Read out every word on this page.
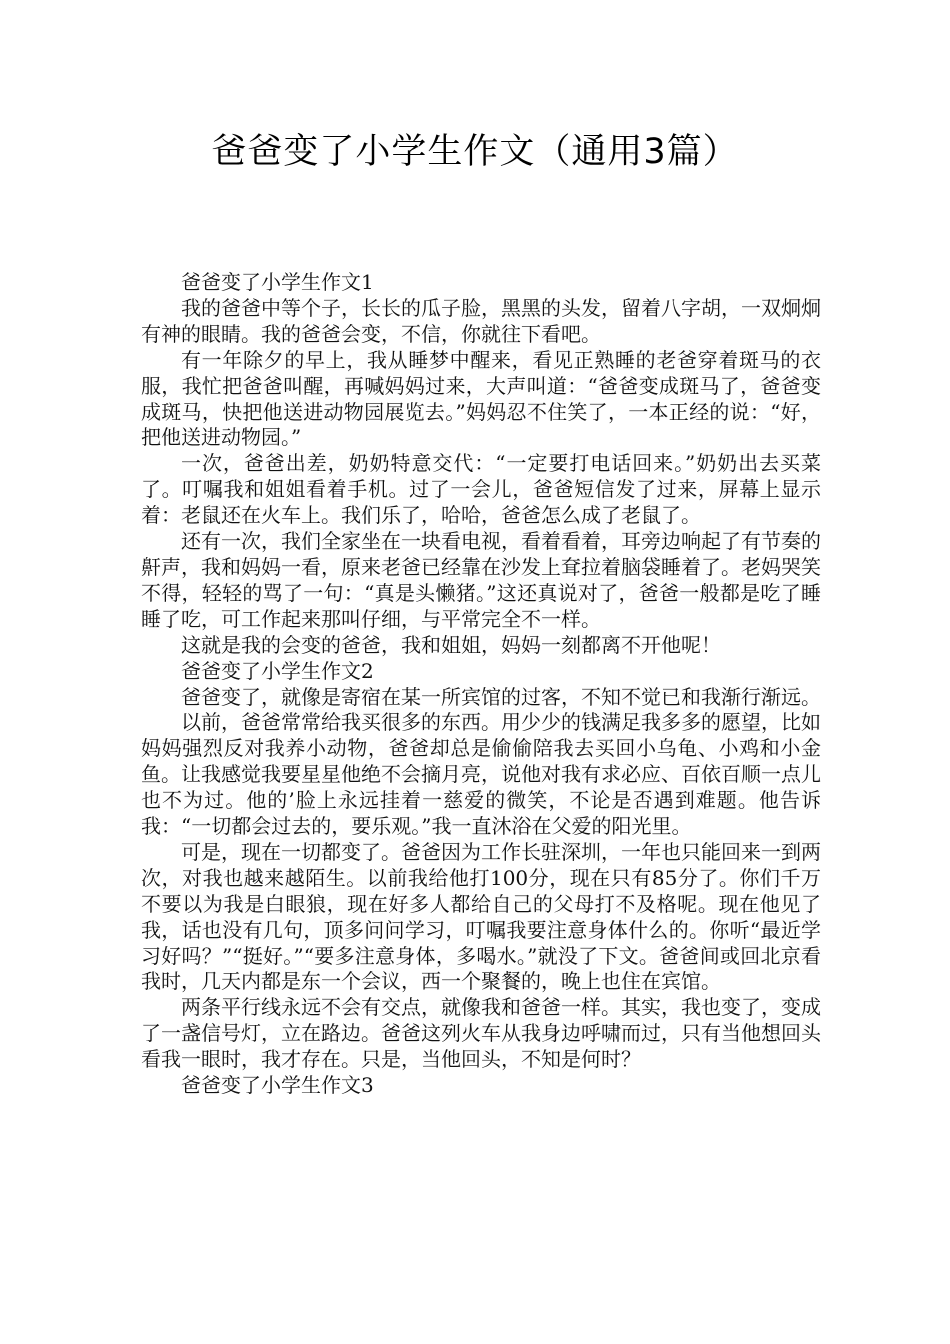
爸爸变了小学生作文（通用3篇）

爸爸变了小学生作文1

我的爸爸中等个子，长长的瓜子脸，黑黑的头发，留着八字胡，一双炯炯有神的眼睛。我的爸爸会变，不信，你就往下看吧。

有一年除夕的早上，我从睡梦中醒来，看见正熟睡的老爸穿着斑马的衣服，我忙把爸爸叫醒，再喊妈妈过来，大声叫道：“爸爸变成斑马了，爸爸变成斑马，快把他送进动物园展览去。”妈妈忍不住笑了，一本正经的说：“好，把他送进动物园。”

一次，爸爸出差，奶奶特意交代：“一定要打电话回来。”奶奶出去买菜了。叮嘱我和姐姐看着手机。过了一会儿，爸爸短信发了过来，屏幕上显示着：老鼠还在火车上。我们乐了，哈哈，爸爸怎么成了老鼠了。

还有一次，我们全家坐在一块看电视，看着看着，耳旁边响起了有节奏的鼾声，我和妈妈一看，原来老爸已经靠在沙发上耷拉着脑袋睡着了。老妈哭笑不得，轻轻的骂了一句：“真是头懒猪。”这还真说对了，爸爸一般都是吃了睡睡了吃，可工作起来那叫仔细，与平常完全不一样。

这就是我的会变的爸爸，我和姐姐，妈妈一刻都离不开他呢！

爸爸变了小学生作文2

爸爸变了，就像是寄宿在某一所宾馆的过客，不知不觉已和我渐行渐远。

以前，爸爸常常给我买很多的东西。用少少的钱满足我多多的愿望，比如妈妈强烈反对我养小动物，爸爸却总是偷偷陪我去买回小乌龟、小鸡和小金鱼。让我感觉我要星星他绝不会摘月亮，说他对我有求必应、百依百顺一点儿也不为过。他的’脸上永远挂着一慈爱的微笑，不论是否遇到难题。他告诉我：“一切都会过去的，要乐观。”我一直沐浴在父爱的阳光里。

可是，现在一切都变了。爸爸因为工作长驻深圳，一年也只能回来一到两次，对我也越来越陌生。以前我给他打100分，现在只有85分了。你们千万不要以为我是白眼狼，现在好多人都给自己的父母打不及格呢。现在他见了我，话也没有几句，顶多问问学习，叮嘱我要注意身体什么的。你听“最近学习好吗？”“挺好。”“要多注意身体，多喝水。”就没了下文。爸爸间或回北京看我时，几天内都是东一个会议，西一个聚餐的，晚上也住在宾馆。

两条平行线永远不会有交点，就像我和爸爸一样。其实，我也变了，变成了一盏信号灯，立在路边。爸爸这列火车从我身边呼啸而过，只有当他想回头看我一眼时，我才存在。只是，当他回头，不知是何时？

爸爸变了小学生作文3
